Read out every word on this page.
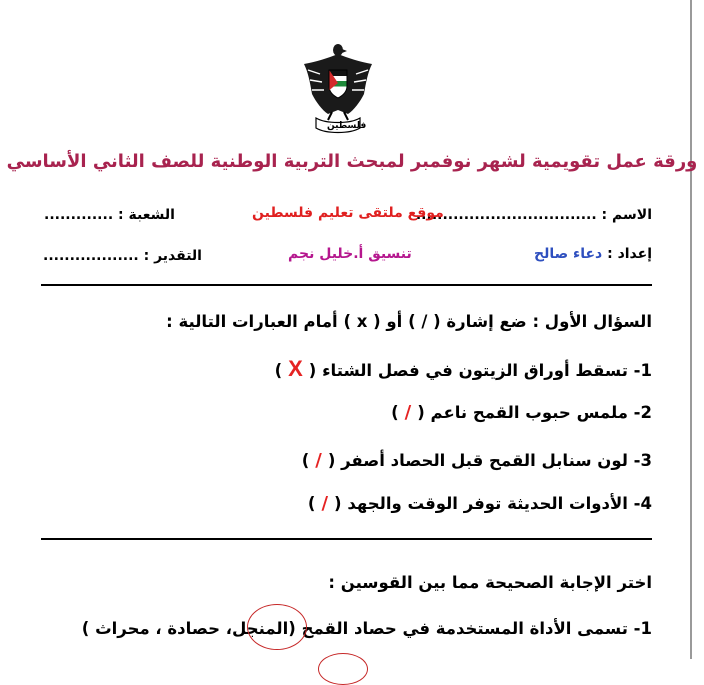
فلسطين
ورقة عمل تقويمية لشهر نوفمبر لمبحث التربية الوطنية للصف الثاني الأساسي
الاسم : ..................................
موقع ملتقى تعليم فلسطين
الشعبة : .............
إعداد : دعاء صالح
تنسيق أ.خليل نجم
التقدير : ..................
السؤال الأول : ضع إشارة ( / ) أو ( x ) أمام العبارات التالية :
1- تسقط أوراق الزيتون في فصل الشتاء (X)
2- ملمس حبوب القمح ناعم (/)
3- لون سنابل القمح قبل الحصاد أصفر (/)
4- الأدوات الحديثة توفر الوقت والجهد (/)
اختر الإجابة الصحيحة مما بين القوسين :
1- تسمى الأداة المستخدمة في حصاد القمح (المنجل، حصادة ، محراث )
